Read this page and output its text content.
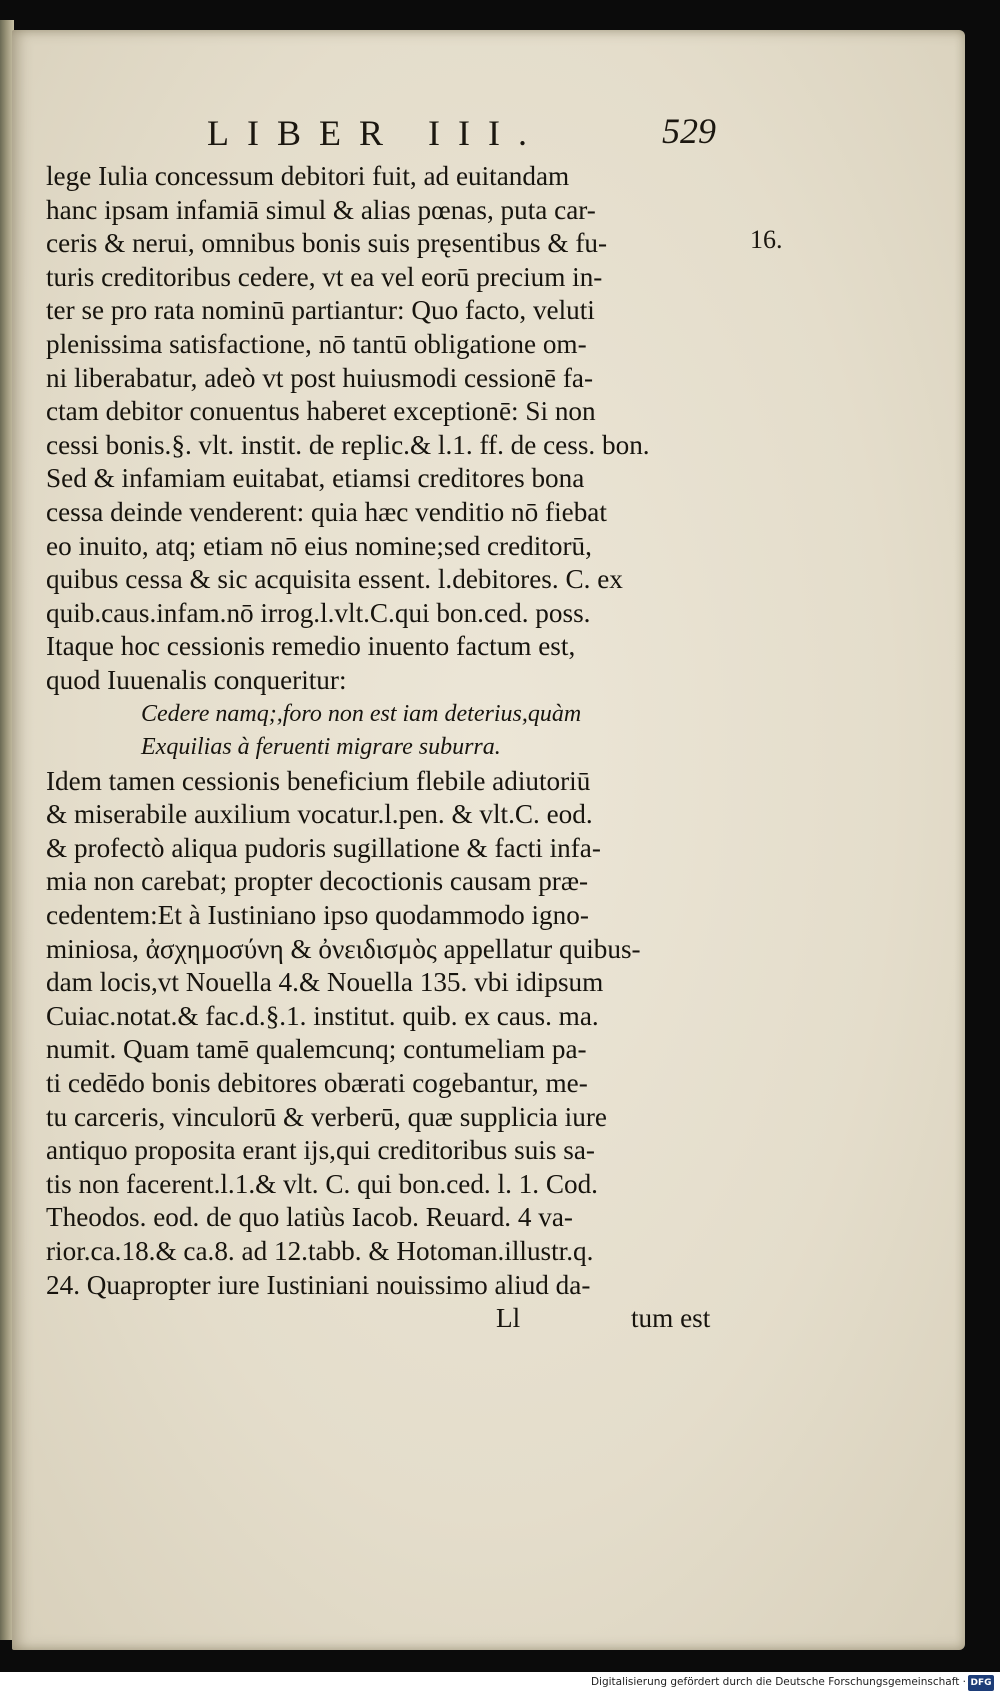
LIBER III.	529
16.
lege Iulia concessum debitori fuit, ad euitandam
hanc ipsam infamiā simul & alias pœnas, puta car-
ceris & nerui, omnibus bonis suis pręsentibus & fu-
turis creditoribus cedere, vt ea vel eorū precium in-
ter se pro rata nominū partiantur: Quo facto, veluti
plenissima satisfactione, nō tantū obligatione om-
ni liberabatur, adeò vt post huiusmodi cessionē fa-
ctam debitor conuentus haberet exceptionē: Si non
cessi bonis.§. vlt. instit. de replic.& l.1. ff. de cess. bon.
Sed & infamiam euitabat, etiamsi creditores bona
cessa deinde venderent: quia hæc venditio nō fiebat
eo inuito, atq; etiam nō eius nomine;sed creditorū,
quibus cessa & sic acquisita essent. l.debitores. C. ex
quib.caus.infam.nō irrog.l.vlt.C.qui bon.ced. poss.
Itaque hoc cessionis remedio inuento factum est,
quod Iuuenalis conqueritur:
Cedere namq;,foro non est iam deterius,quàm
Exquilias à feruenti migrare suburra.
Idem tamen cessionis beneficium flebile adiutoriū
& miserabile auxilium vocatur.l.pen. & vlt.C. eod.
& profectò aliqua pudoris sugillatione & facti infa-
mia non carebat; propter decoctionis causam præ-
cedentem:Et à Iustiniano ipso quodammodo igno-
miniosa, ἀσχημοσύνη & ὀνειδισμὸς appellatur quibus-
dam locis,vt Nouella 4.& Nouella 135. vbi idipsum
Cuiac.notat.& fac.d.§.1. institut. quib. ex caus. ma.
numit. Quam tamē qualemcunq; contumeliam pa-
ti cedēdo bonis debitores obærati cogebantur, me-
tu carceris, vinculorū & verberū, quæ supplicia iure
antiquo proposita erant ijs,qui creditoribus suis sa-
tis non facerent.l.1.& vlt. C. qui bon.ced. l. 1. Cod.
Theodos. eod. de quo latiùs Iacob. Reuard. 4 va-
rior.ca.18.& ca.8. ad 12.tabb. & Hotoman.illustr.q.
24. Quapropter iure Iustiniani nouissimo aliud da-
Ll	tum est
Digitalisierung gefördert durch die Deutsche Forschungsgemeinschaft · DFG
